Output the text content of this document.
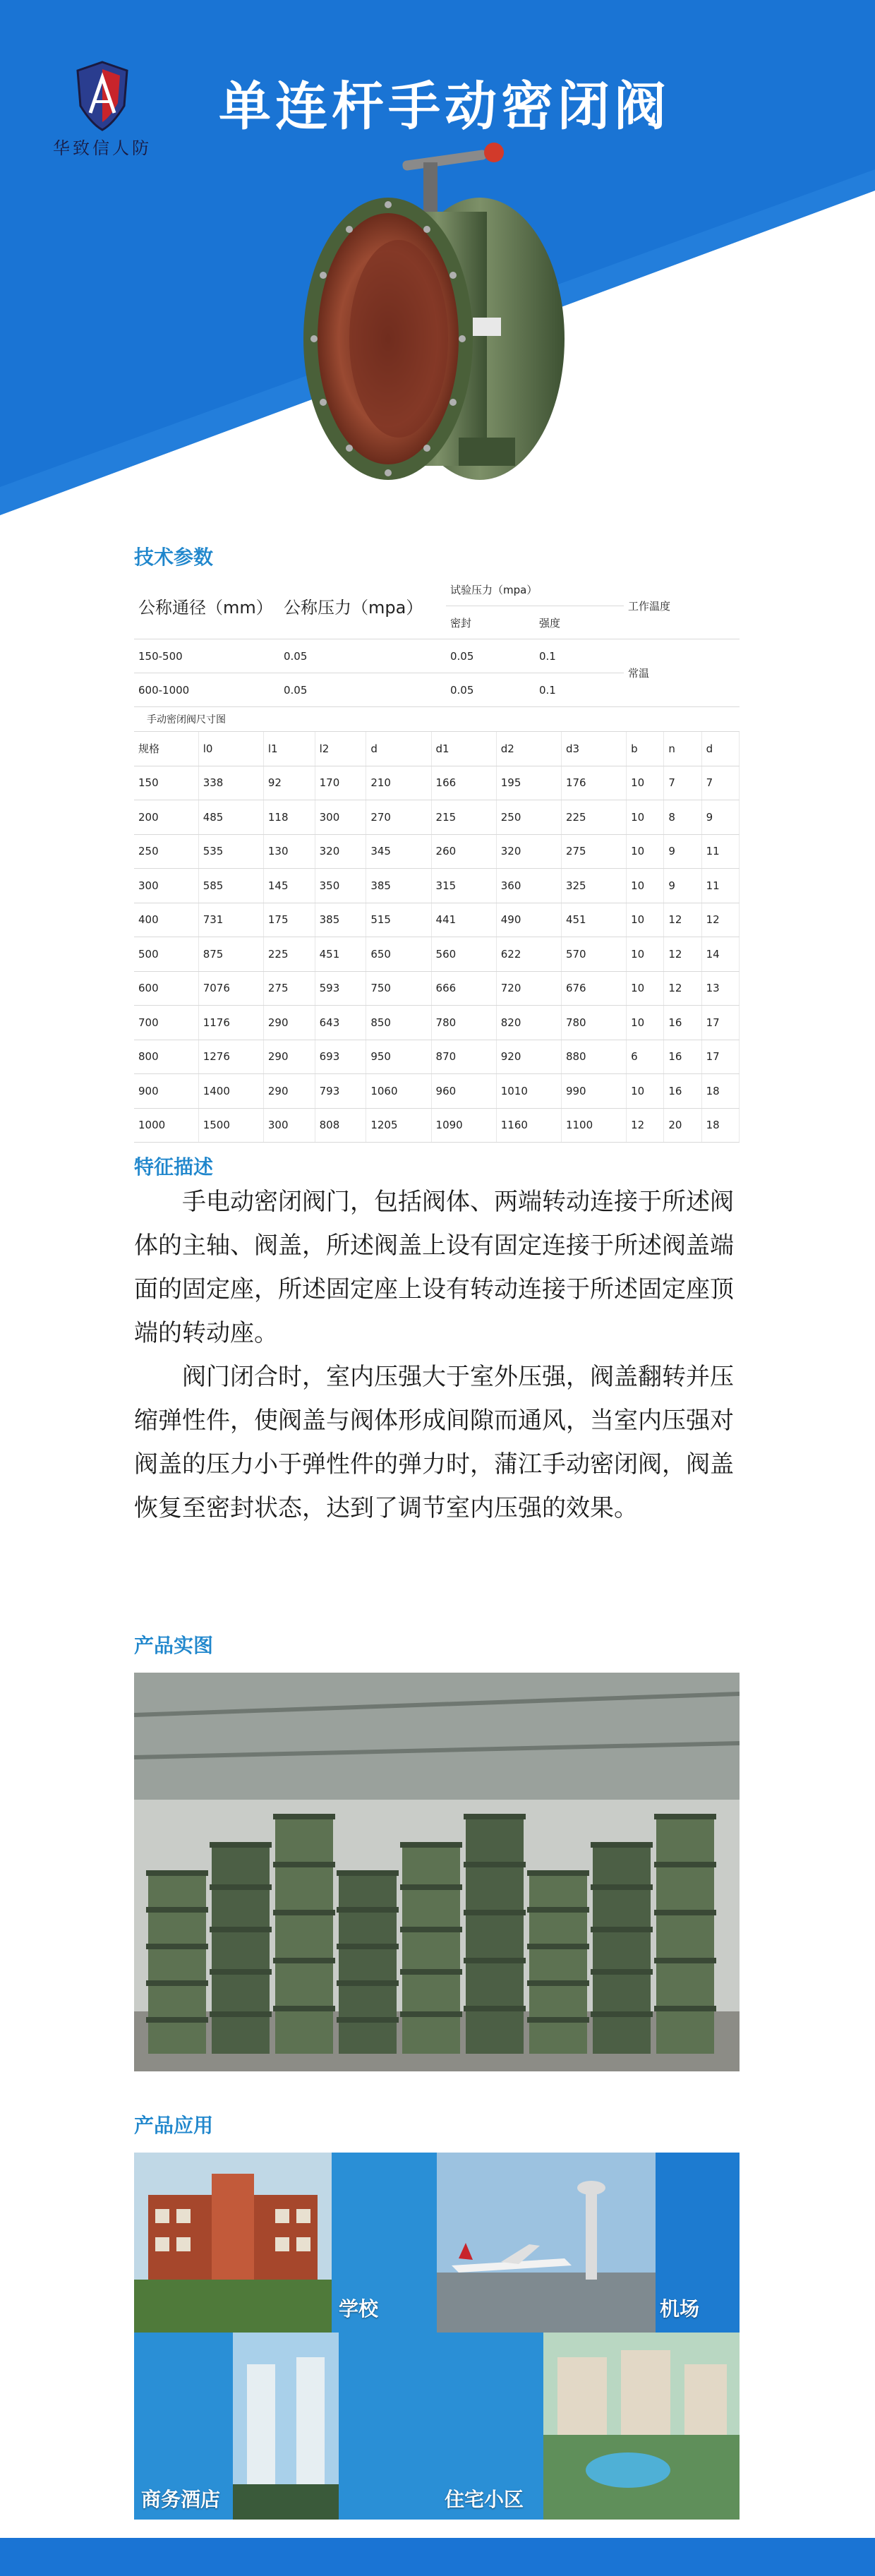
华致信人防
单连杆手动密闭阀
技术参数
公称通径（mm）	公称压力（mpa）	试验压力（mpa）		工作温度
		密封	强度	
150-500	0.05	0.05	0.1	常温
600-1000	0.05	0.05	0.1	
手动密闭阀尺寸图				
规格	l0	l1	l2	d	d1	d2	d3	b	n	d
150	338	92	170	210	166	195	176	10	7	7
200	485	118	300	270	215	250	225	10	8	9
250	535	130	320	345	260	320	275	10	9	11
300	585	145	350	385	315	360	325	10	9	11
400	731	175	385	515	441	490	451	10	12	12
500	875	225	451	650	560	622	570	10	12	14
600	7076	275	593	750	666	720	676	10	12	13
700	1176	290	643	850	780	820	780	10	16	17
800	1276	290	693	950	870	920	880	6	16	17
900	1400	290	793	1060	960	1010	990	10	16	18
1000	1500	300	808	1205	1090	1160	1100	12	20	18
特征描述

手电动密闭阀门，包括阀体、两端转动连接于所述阀体的主轴、阀盖，所述阀盖上设有固定连接于所述阀盖端面的固定座，所述固定座上设有转动连接于所述固定座顶端的转动座。

阀门闭合时，室内压强大于室外压强，阀盖翻转并压缩弹性件，使阀盖与阀体形成间隙而通风，当室内压强对阀盖的压力小于弹性件的弹力时，蒲江手动密闭阀，阀盖恢复至密封状态，达到了调节室内压强的效果。

产品实图
产品应用
学校	机场
商务酒店	住宅小区
